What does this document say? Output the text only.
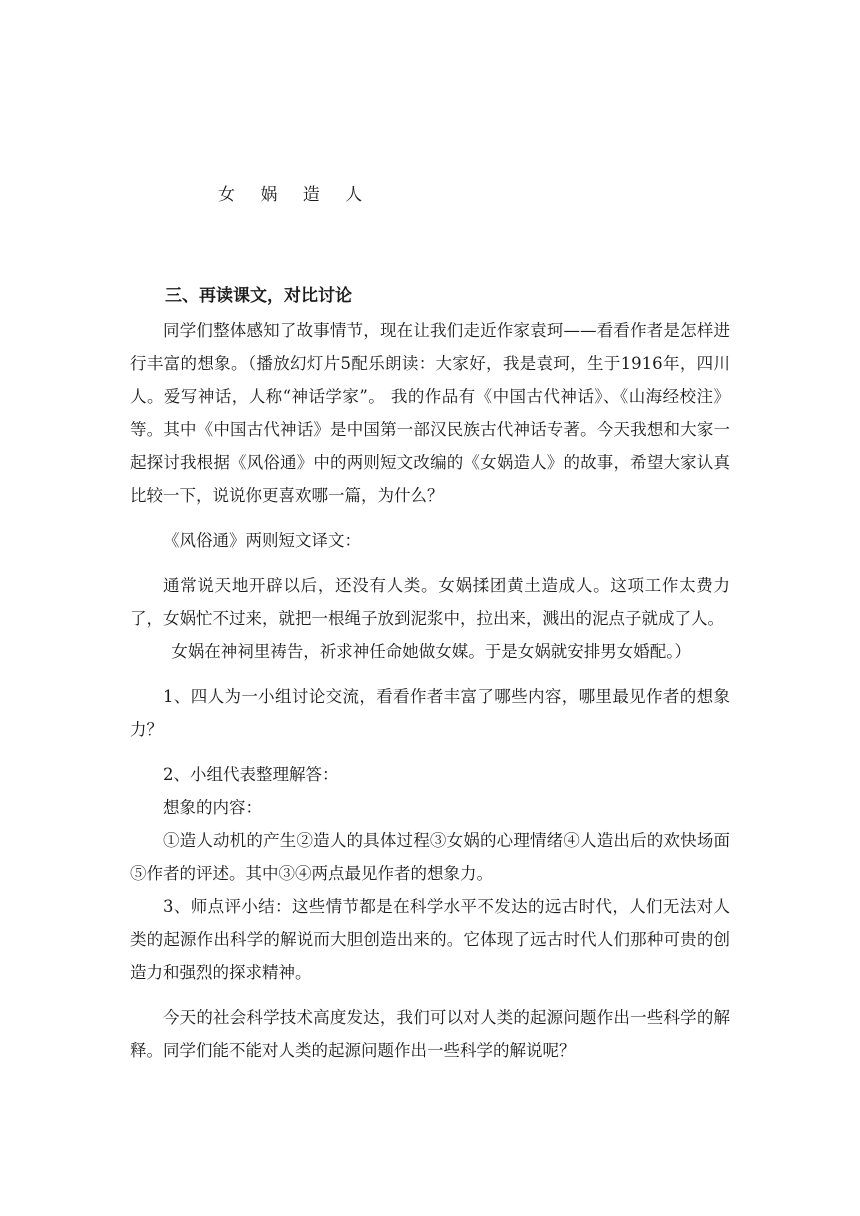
女 娲 造 人
三、再读课文，对比讨论

同学们整体感知了故事情节，现在让我们走近作家袁珂——看看作者是怎样进行丰富的想象。（播放幻灯片5配乐朗读：大家好，我是袁珂，生于1916年，四川人。爱写神话，人称“神话学家”。 我的作品有《中国古代神话》、《山海经校注》等。其中《中国古代神话》是中国第一部汉民族古代神话专著。今天我想和大家一起探讨我根据《风俗通》中的两则短文改编的《女娲造人》的故事，希望大家认真比较一下，说说你更喜欢哪一篇，为什么？

《风俗通》两则短文译文：

通常说天地开辟以后，还没有人类。女娲揉团黄土造成人。这项工作太费力了，女娲忙不过来，就把一根绳子放到泥浆中，拉出来，溅出的泥点子就成了人。

女娲在神祠里祷告，祈求神任命她做女媒。于是女娲就安排男女婚配。）

1、四人为一小组讨论交流，看看作者丰富了哪些内容，哪里最见作者的想象力？

2、小组代表整理解答：

想象的内容：

①造人动机的产生②造人的具体过程③女娲的心理情绪④人造出后的欢快场面⑤作者的评述。其中③④两点最见作者的想象力。

3、师点评小结：这些情节都是在科学水平不发达的远古时代，人们无法对人类的起源作出科学的解说而大胆创造出来的。它体现了远古时代人们那种可贵的创造力和强烈的探求精神。

今天的社会科学技术高度发达，我们可以对人类的起源问题作出一些科学的解释。同学们能不能对人类的起源问题作出一些科学的解说呢？
